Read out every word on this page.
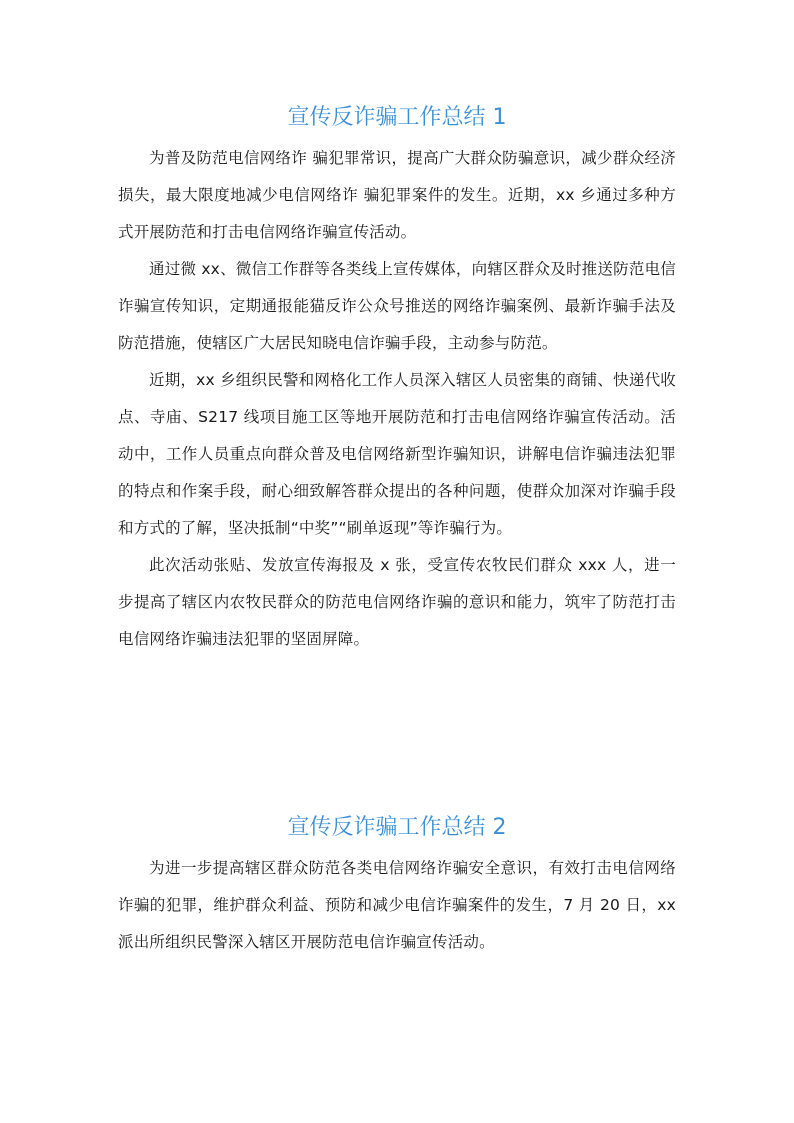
宣传反诈骗工作总结 1

为普及防范电信网络诈 骗犯罪常识，提高广大群众防骗意识，减少群众经济损失，最大限度地减少电信网络诈 骗犯罪案件的发生。近期，xx 乡通过多种方式开展防范和打击电信网络诈骗宣传活动。

通过微 xx、微信工作群等各类线上宣传媒体，向辖区群众及时推送防范电信诈骗宣传知识，定期通报能猫反诈公众号推送的网络诈骗案例、最新诈骗手法及防范措施，使辖区广大居民知晓电信诈骗手段，主动参与防范。

近期，xx 乡组织民警和网格化工作人员深入辖区人员密集的商铺、快递代收点、寺庙、S217 线项目施工区等地开展防范和打击电信网络诈骗宣传活动。活动中，工作人员重点向群众普及电信网络新型诈骗知识，讲解电信诈骗违法犯罪的特点和作案手段，耐心细致解答群众提出的各种问题，使群众加深对诈骗手段和方式的了解，坚决抵制“中奖”“刷单返现”等诈骗行为。

此次活动张贴、发放宣传海报及 x 张，受宣传农牧民们群众 xxx 人，进一步提高了辖区内农牧民群众的防范电信网络诈骗的意识和能力，筑牢了防范打击电信网络诈骗违法犯罪的坚固屏障。

宣传反诈骗工作总结 2

为进一步提高辖区群众防范各类电信网络诈骗安全意识，有效打击电信网络诈骗的犯罪，维护群众利益、预防和减少电信诈骗案件的发生，7 月 20 日，xx 派出所组织民警深入辖区开展防范电信诈骗宣传活动。
